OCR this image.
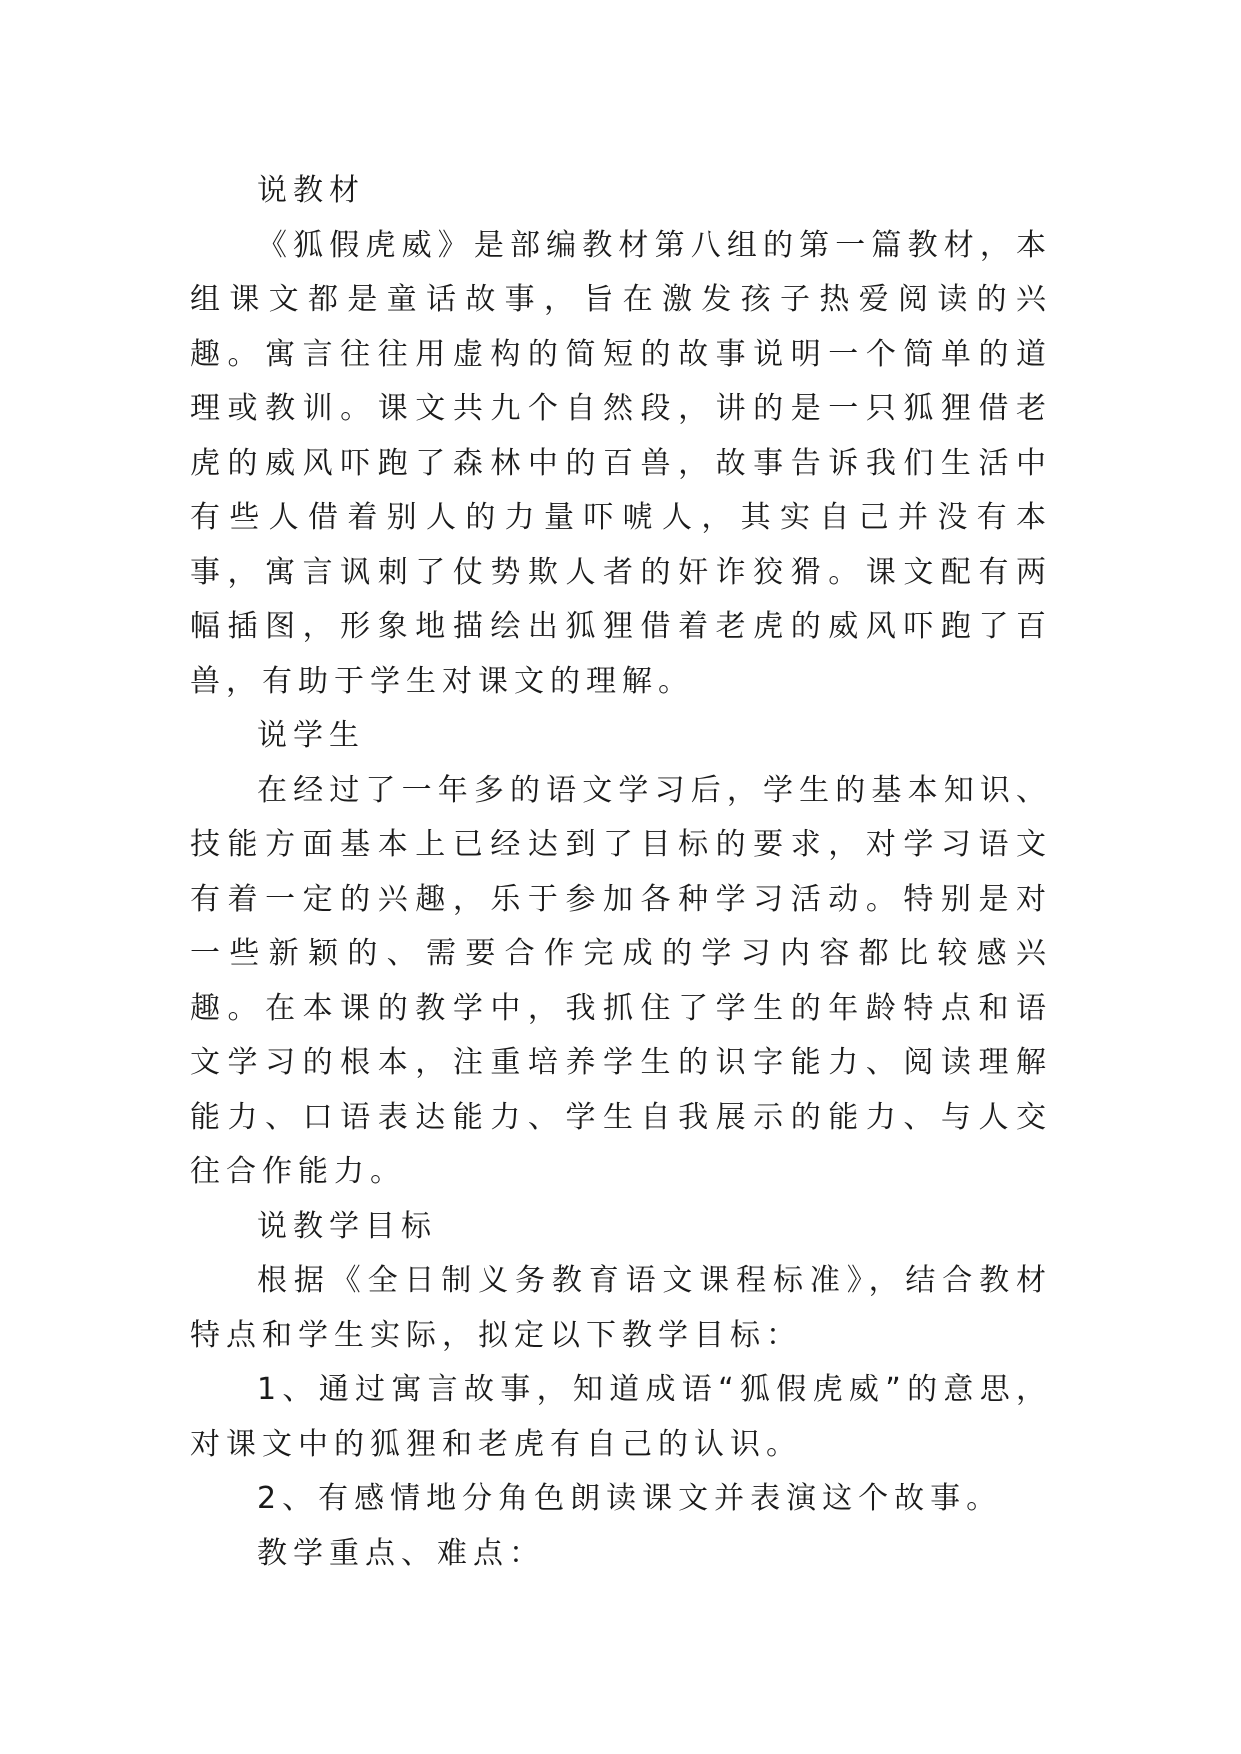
说教材

《狐假虎威》是部编教材第八组的第一篇教材，本组课文都是童话故事，旨在激发孩子热爱阅读的兴趣。寓言往往用虚构的简短的故事说明一个简单的道理或教训。课文共九个自然段，讲的是一只狐狸借老虎的威风吓跑了森林中的百兽，故事告诉我们生活中有些人借着别人的力量吓唬人，其实自己并没有本事，寓言讽刺了仗势欺人者的奸诈狡猾。课文配有两幅插图，形象地描绘出狐狸借着老虎的威风吓跑了百兽，有助于学生对课文的理解。

说学生

在经过了一年多的语文学习后，学生的基本知识、技能方面基本上已经达到了目标的要求，对学习语文有着一定的兴趣，乐于参加各种学习活动。特别是对一些新颖的、需要合作完成的学习内容都比较感兴趣。在本课的教学中，我抓住了学生的年龄特点和语文学习的根本，注重培养学生的识字能力、阅读理解能力、口语表达能力、学生自我展示的能力、与人交往合作能力。

说教学目标

根据《全日制义务教育语文课程标准》，结合教材特点和学生实际，拟定以下教学目标：

1、通过寓言故事，知道成语“狐假虎威”的意思，对课文中的狐狸和老虎有自己的认识。

2、有感情地分角色朗读课文并表演这个故事。

教学重点、难点：
